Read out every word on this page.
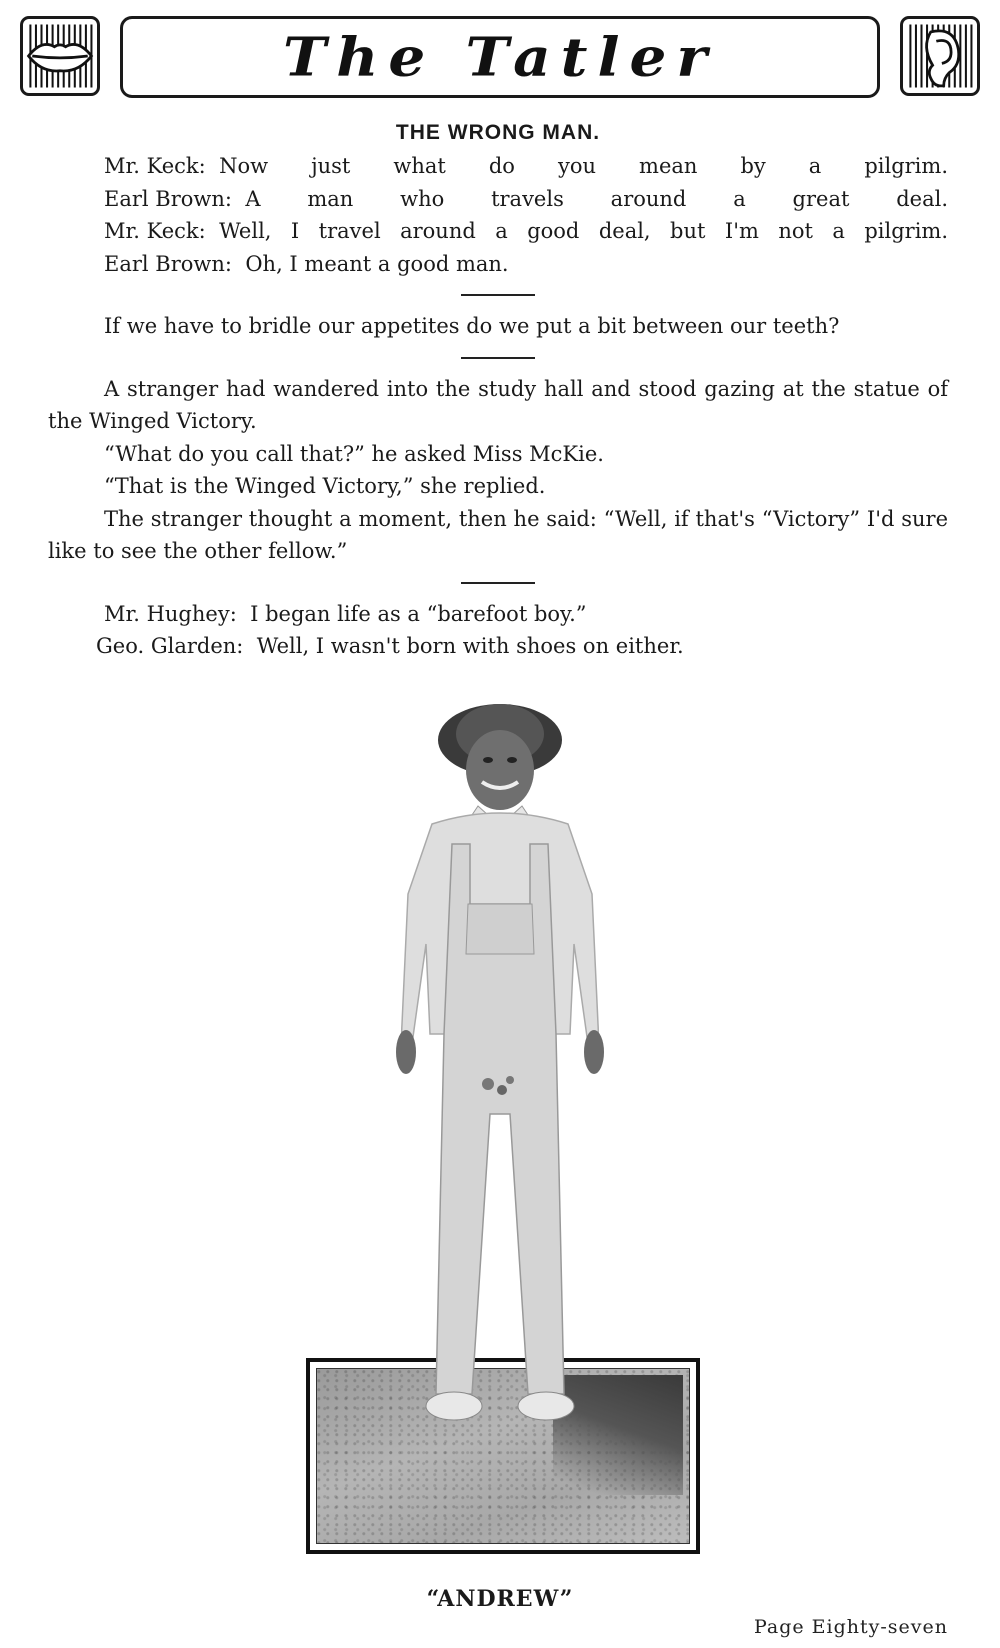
The Tatler
THE WRONG MAN.
Mr. Keck : Now just what do you mean by a pilgrim.
Earl Brown : A man who travels around a great deal.
Mr. Keck : Well, I travel around a good deal, but I'm not a pilgrim.
Earl Brown : Oh, I meant a good man.

If we have to bridle our appetites do we put a bit between our teeth?

A stranger had wandered into the study hall and stood gazing at the statue of the Winged Victory.

“What do you call that?” he asked Miss McKie.
“That is the Winged Victory,” she replied.

The stranger thought a moment, then he said: “Well, if that's “Victory” I'd sure like to see the other fellow.”

Mr. Hughey : I began life as a “barefoot boy.”
Geo. Glarden : Well, I wasn't born with shoes on either.
“ANDREW”
Page Eighty-seven
